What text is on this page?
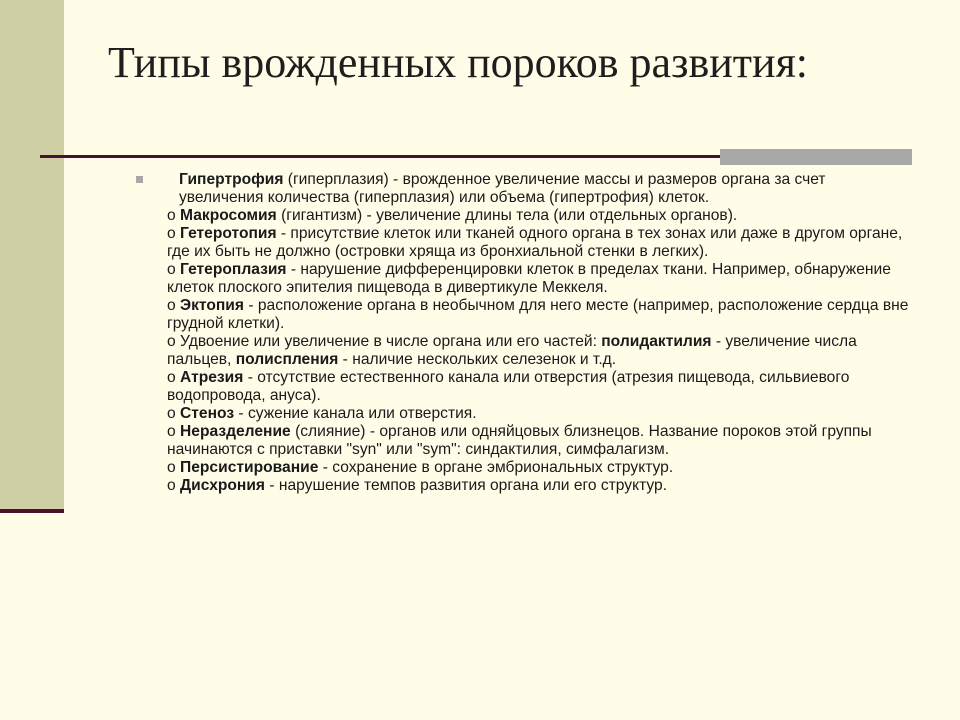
Типы врожденных пороков развития:

Гипертрофия (гиперплазия) - врожденное увеличение массы и размеров органа за счет увеличения количества (гиперплазия) или объема (гипертрофия) клеток.

o Макросомия (гигантизм) - увеличение длины тела (или отдельных органов).

o Гетеротопия - присутствие клеток или тканей одного органа в тех зонах или даже в другом органе, где их быть не должно (островки хряща из бронхиальной стенки в легких).

o Гетероплазия - нарушение дифференцировки клеток в пределах ткани. Например, обнаружение клеток плоского эпителия пищевода в дивертикуле Меккеля.

o Эктопия - расположение органа в необычном для него месте (например, расположение сердца вне грудной клетки).

o Удвоение или увеличение в числе органа или его частей: полидактилия - увеличение числа пальцев, полиспления - наличие нескольких селезенок и т.д.

o Атрезия - отсутствие естественного канала или отверстия (атрезия пищевода, сильвиевого водопровода, ануса).

o Стеноз - сужение канала или отверстия.

o Неразделение (слияние) - органов или одняйцовых близнецов. Название пороков этой группы начинаются с приставки "syn" или "sym": синдактилия, симфалагизм.

o Персистирование - сохранение в органе эмбриональных структур.

o Дисхрония - нарушение темпов развития органа или его структур.
